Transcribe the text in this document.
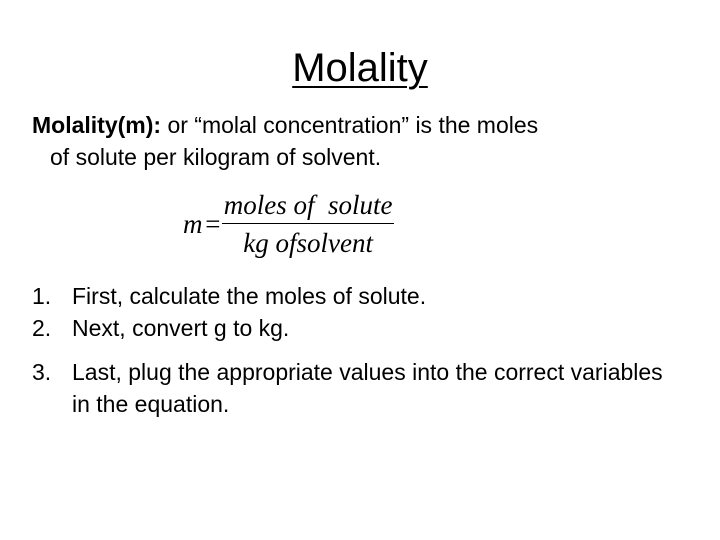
Molality
Molality(m): or “molal concentration” is the moles
of solute per kilogram of solvent.
$m = \frac{\text{moles of  solute}}{\text{kg ofsolvent}}$
1. First, calculate the moles of solute.
2. Next, convert g to kg.
3. Last, plug the appropriate values into the correct variables in the equation.
